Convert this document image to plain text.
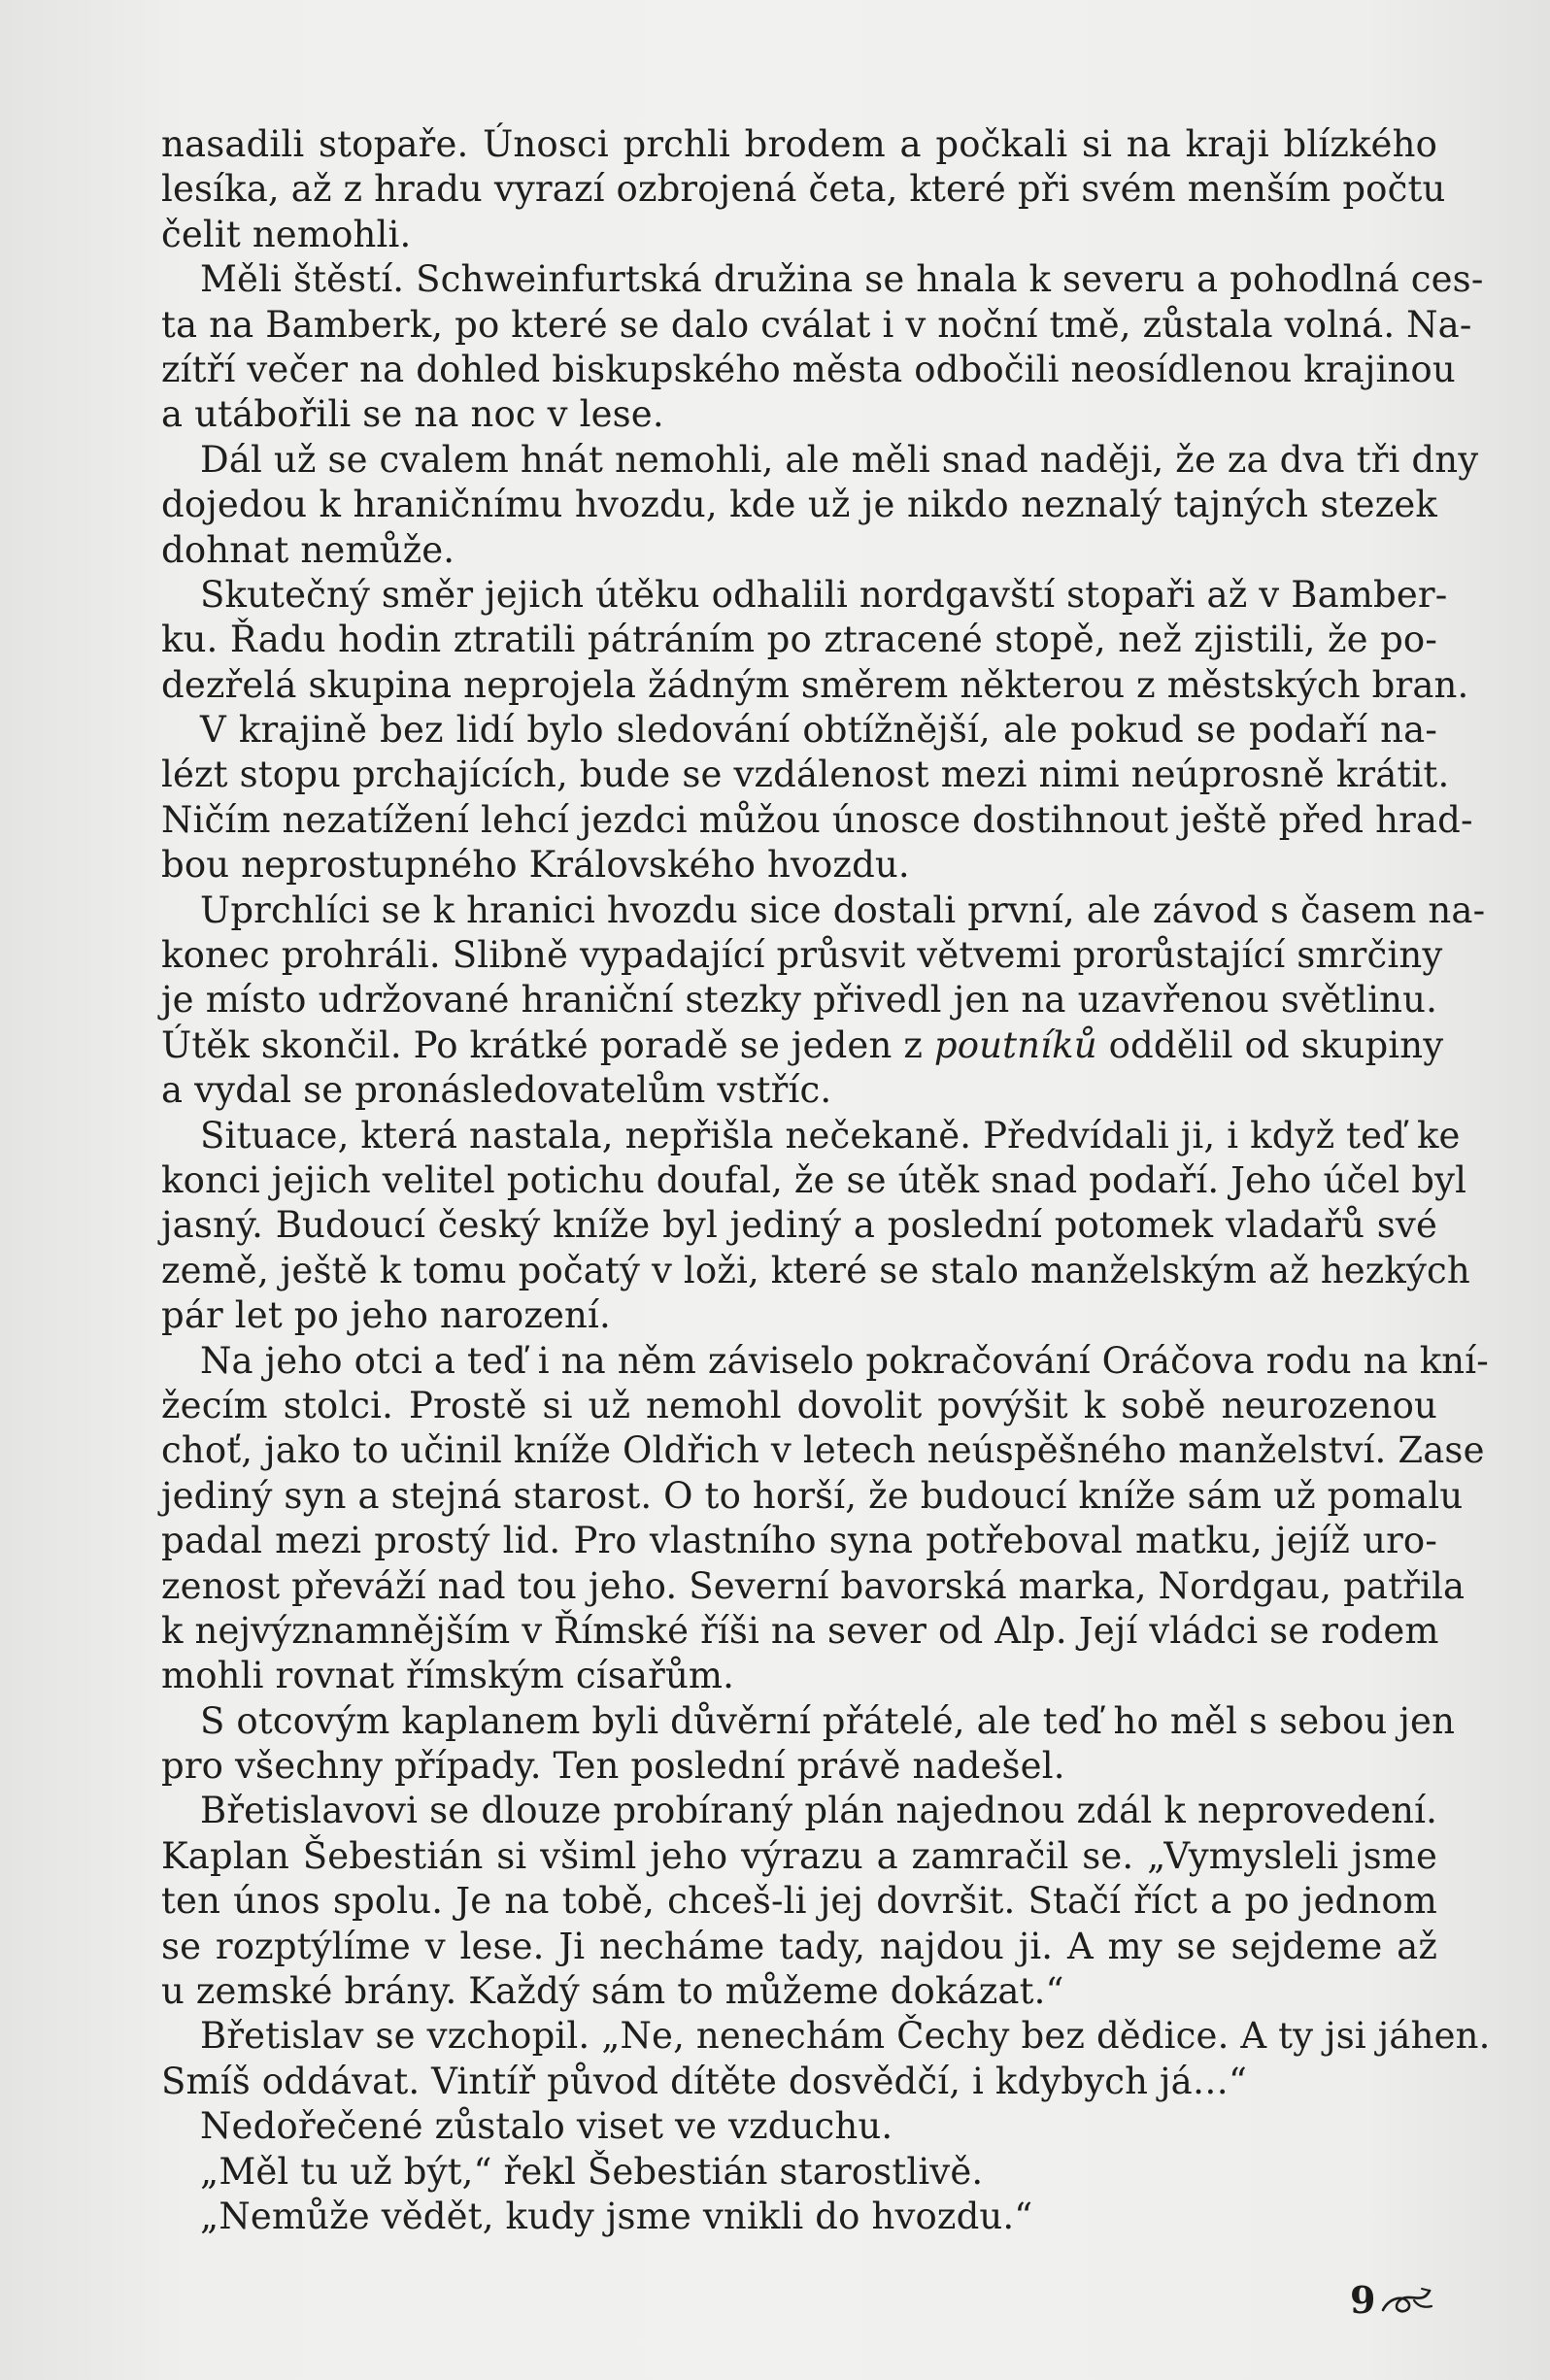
nasadili stopaře. Únosci prchli brodem a počkali si na kraji blízkého
lesíka, až z hradu vyrazí ozbrojená četa, které při svém menším počtu
čelit nemohli.
Měli štěstí. Schweinfurtská družina se hnala k severu a pohodlná ces-
ta na Bamberk, po které se dalo cválat i v noční tmě, zůstala volná. Na-
zítří večer na dohled biskupského města odbočili neosídlenou krajinou
a utábořili se na noc v lese.
Dál už se cvalem hnát nemohli, ale měli snad naději, že za dva tři dny
dojedou k hraničnímu hvozdu, kde už je nikdo neznalý tajných stezek
dohnat nemůže.
Skutečný směr jejich útěku odhalili nordgavští stopaři až v Bamber-
ku. Řadu hodin ztratili pátráním po ztracené stopě, než zjistili, že po-
dezřelá skupina neprojela žádným směrem některou z městských bran.
V krajině bez lidí bylo sledování obtížnější, ale pokud se podaří na-
lézt stopu prchajících, bude se vzdálenost mezi nimi neúprosně krátit.
Ničím nezatížení lehcí jezdci můžou únosce dostihnout ještě před hrad-
bou neprostupného Královského hvozdu.
Uprchlíci se k hranici hvozdu sice dostali první, ale závod s časem na-
konec prohráli. Slibně vypadající průsvit větvemi prorůstající smrčiny
je místo udržované hraniční stezky přivedl jen na uzavřenou světlinu.
Útěk skončil. Po krátké poradě se jeden z poutníků oddělil od skupiny
a vydal se pronásledovatelům vstříc.
Situace, která nastala, nepřišla nečekaně. Předvídali ji, i když teď ke
konci jejich velitel potichu doufal, že se útěk snad podaří. Jeho účel byl
jasný. Budoucí český kníže byl jediný a poslední potomek vladařů své
země, ještě k tomu počatý v loži, které se stalo manželským až hezkých
pár let po jeho narození.
Na jeho otci a teď i na něm záviselo pokračování Oráčova rodu na kní-
žecím stolci. Prostě si už nemohl dovolit povýšit k sobě neurozenou
choť, jako to učinil kníže Oldřich v letech neúspěšného manželství. Zase
jediný syn a stejná starost. O to horší, že budoucí kníže sám už pomalu
padal mezi prostý lid. Pro vlastního syna potřeboval matku, jejíž uro-
zenost převáží nad tou jeho. Severní bavorská marka, Nordgau, patřila
k nejvýznamnějším v Římské říši na sever od Alp. Její vládci se rodem
mohli rovnat římským císařům.
S otcovým kaplanem byli důvěrní přátelé, ale teď ho měl s sebou jen
pro všechny případy. Ten poslední právě nadešel.
Břetislavovi se dlouze probíraný plán najednou zdál k neprovedení.
Kaplan Šebestián si všiml jeho výrazu a zamračil se. „Vymysleli jsme
ten únos spolu. Je na tobě, chceš-li jej dovršit. Stačí říct a po jednom
se rozptýlíme v lese. Ji necháme tady, najdou ji. A my se sejdeme až
u zemské brány. Každý sám to můžeme dokázat.“
Břetislav se vzchopil. „Ne, nenechám Čechy bez dědice. A ty jsi jáhen.
Smíš oddávat. Vintíř původ dítěte dosvědčí, i kdybych já…“
Nedořečené zůstalo viset ve vzduchu.
„Měl tu už být,“ řekl Šebestián starostlivě.
„Nemůže vědět, kudy jsme vnikli do hvozdu.“
9
